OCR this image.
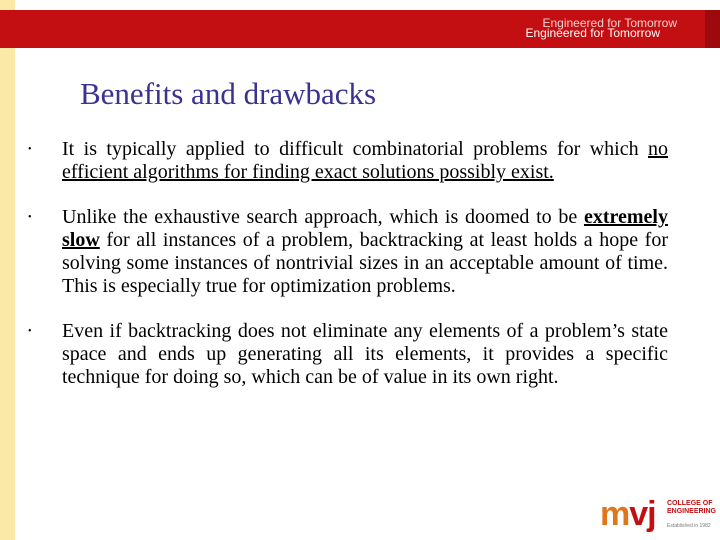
Engineered for Tomorrow
Engineered for Tomorrow
Benefits and drawbacks
• It is typically applied to difficult combinatorial problems for which no efficient algorithms for finding exact solutions possibly exist.
• Unlike the exhaustive search approach, which is doomed to be extremely slow for all instances of a problem, backtracking at least holds a hope for solving some instances of nontrivial sizes in an acceptable amount of time. This is especially true for optimization problems.
• Even if backtracking does not eliminate any elements of a problem’s state space and ends up generating all its elements, it provides a specific technique for doing so, which can be of value in its own right.
mvj COLLEGE OF
ENGINEERING
Established in 1982
